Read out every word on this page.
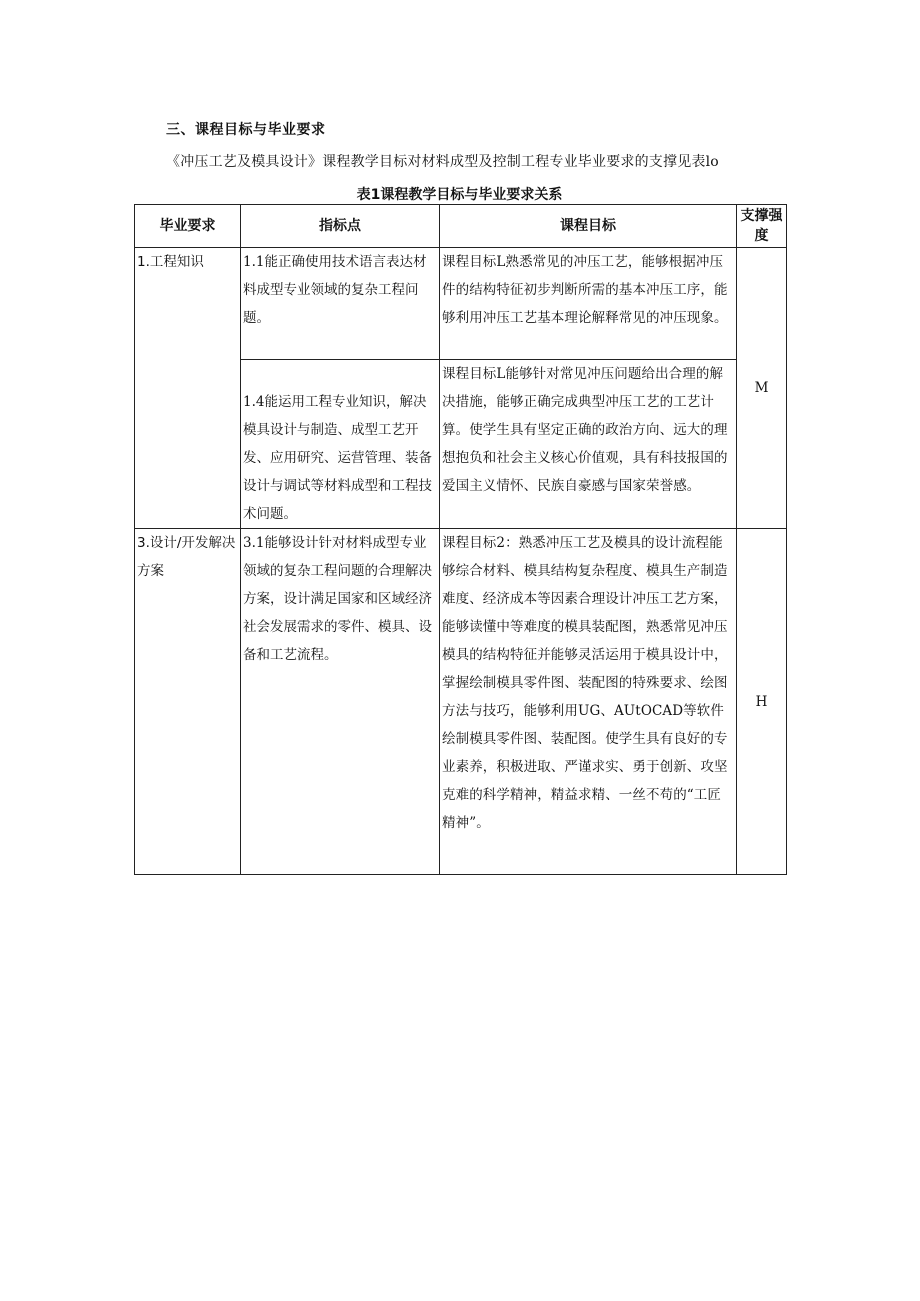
三、课程目标与毕业要求
《冲压工艺及模具设计》课程教学目标对材料成型及控制工程专业毕业要求的支撑见表lo
表1课程教学目标与毕业要求关系
毕业要求	指标点	课程目标	支撑强度
1.工程知识	1.1能正确使用技术语言表达材料成型专业领域的复杂工程问题。	课程目标L熟悉常见的冲压工艺，能够根据冲压件的结构特征初步判断所需的基本冲压工序，能够利用冲压工艺基本理论解释常见的冲压现象。	M
	1.4能运用工程专业知识，解决模具设计与制造、成型工艺开发、应用研究、运营管理、装备设计与调试等材料成型和工程技术问题。	课程目标L能够针对常见冲压问题给出合理的解决措施，能够正确完成典型冲压工艺的工艺计算。使学生具有坚定正确的政治方向、远大的理想抱负和社会主义核心价值观，具有科技报国的爱国主义情怀、民族自豪感与国家荣誉感。	
3.设计/开发解决方案	3.1能够设计针对材料成型专业领域的复杂工程问题的合理解决方案，设计满足国家和区域经济社会发展需求的零件、模具、设备和工艺流程。	课程目标2：熟悉冲压工艺及模具的设计流程能够综合材料、模具结构复杂程度、模具生产制造难度、经济成本等因素合理设计冲压工艺方案，能够读懂中等难度的模具装配图，熟悉常见冲压模具的结构特征并能够灵活运用于模具设计中，掌握绘制模具零件图、装配图的特殊要求、绘图方法与技巧，能够利用UG、AUtOCAD等软件绘制模具零件图、装配图。使学生具有良好的专业素养，积极进取、严谨求实、勇于创新、攻坚克难的科学精神，精益求精、一丝不苟的“工匠精神”。	H
